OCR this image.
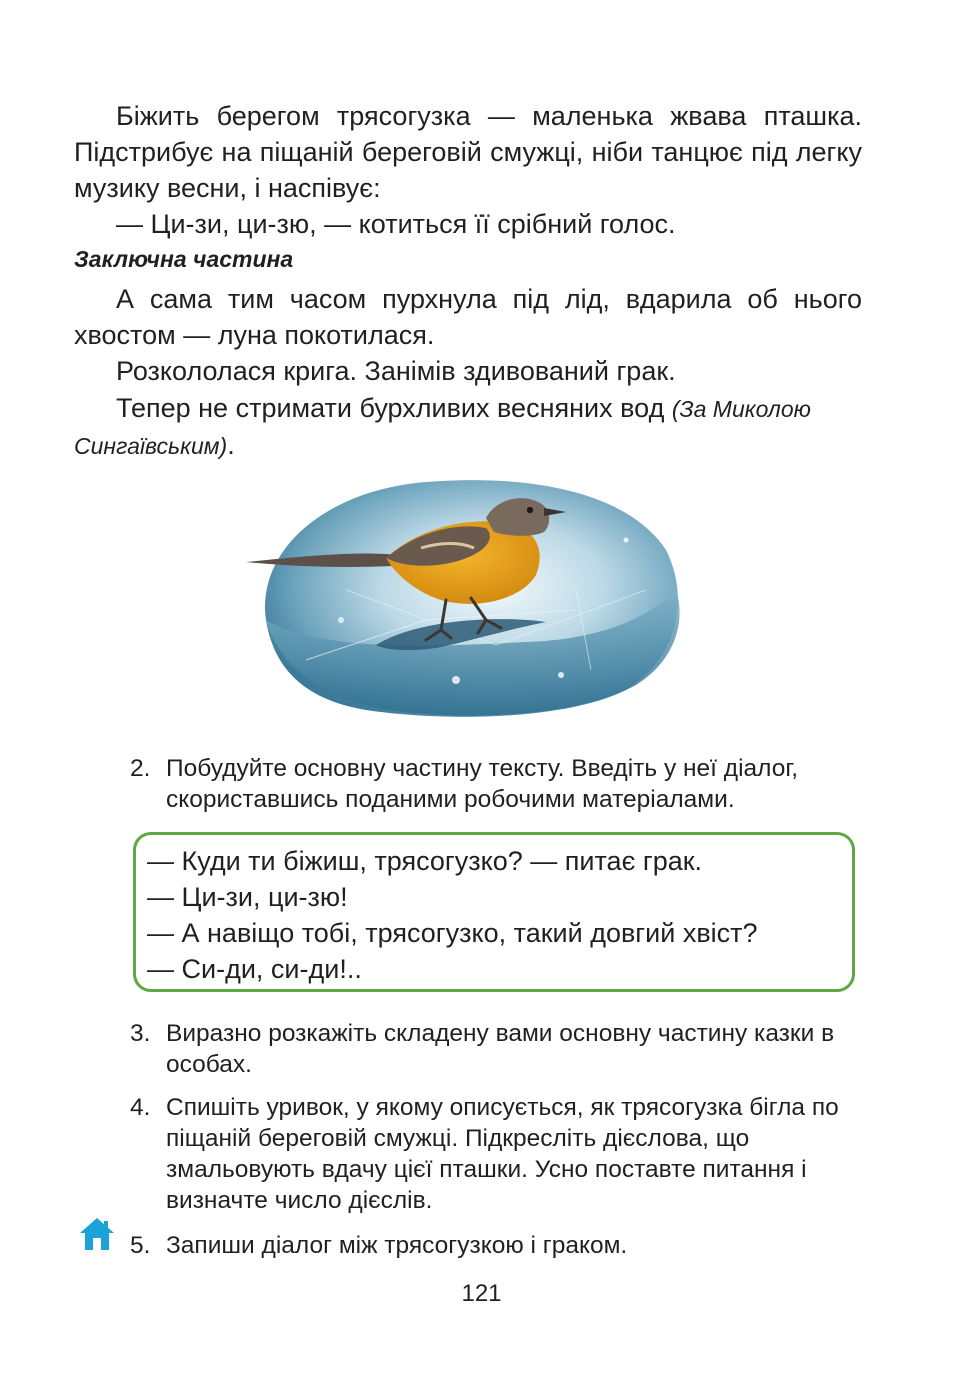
Біжить берегом трясогузка — маленька жвава пташка. Підстрибує на піщаній береговій смужці, ніби танцює під легку музику весни, і наспівує:

— Ци-зи, ци-зю, — котиться її срібний голос.

Заключна частина

А сама тим часом пурхнула під лід, вдарила об нього хвостом — луна покотилася.

Розкололася крига. Занімів здивований грак.

Тепер не стримати бурхливих весняних вод (За Миколою Сингаївським).

2. Побудуйте основну частину тексту. Введіть у неї діалог, скориставшись поданими робочими матеріалами.

— Куди ти біжиш, трясогузко? — питає грак.

— Ци-зи, ци-зю!

— А навіщо тобі, трясогузко, такий довгий хвіст?

— Си-ди, си-ди!..

3. Виразно розкажіть складену вами основну частину казки в особах.
4. Спишіть уривок, у якому описується, як трясогузка бігла по піщаній береговій смужці. Підкресліть дієслова, що змальовують вдачу цієї пташки. Усно поставте питання і визначте число дієслів.
5. Запиши діалог між трясогузкою і граком.
121
